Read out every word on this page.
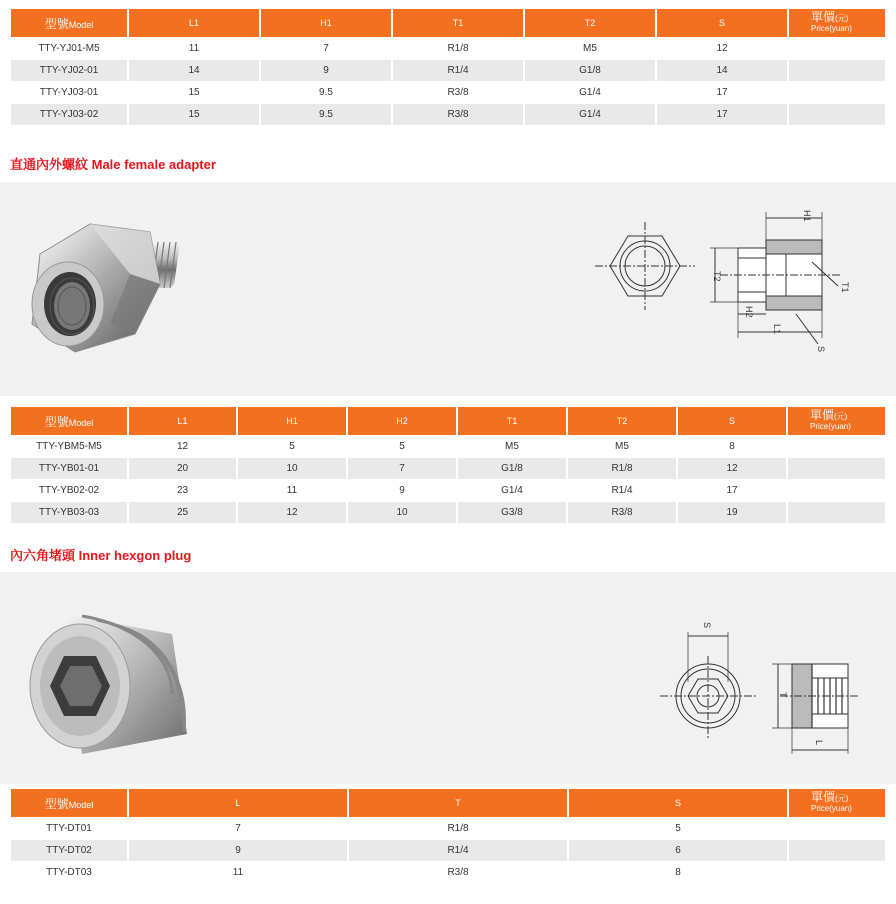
型號Model	L1	H1	T1	T2	S	單價(元)
Price(yuan)

TTY-YJ01-M5	11	7	R1/8	M5	12	
TTY-YJ02-01	14	9	R1/4	G1/8	14	
TTY-YJ03-01	15	9.5	R3/8	G1/4	17	
TTY-YJ03-02	15	9.5	R3/8	G1/4	17	
直通內外螺紋 Male female adapter
H1
T2
T1
H2
L1
S
型號Model	L1	H1	H2	T1	T2	S	單價(元)
Price(yuan)

TTY-YBM5-M5	12	5	5	M5	M5	8	
TTY-YB01-01	20	10	7	G1/8	R1/8	12	
TTY-YB02-02	23	11	9	G1/4	R1/4	17	
TTY-YB03-03	25	12	10	G3/8	R3/8	19	
內六角堵頭 Inner hexgon plug
S
T
L
型號Model	L	T	S	單價(元)
Price(yuan)

TTY-DT01	7	R1/8	5	
TTY-DT02	9	R1/4	6	
TTY-DT03	11	R3/8	8	
